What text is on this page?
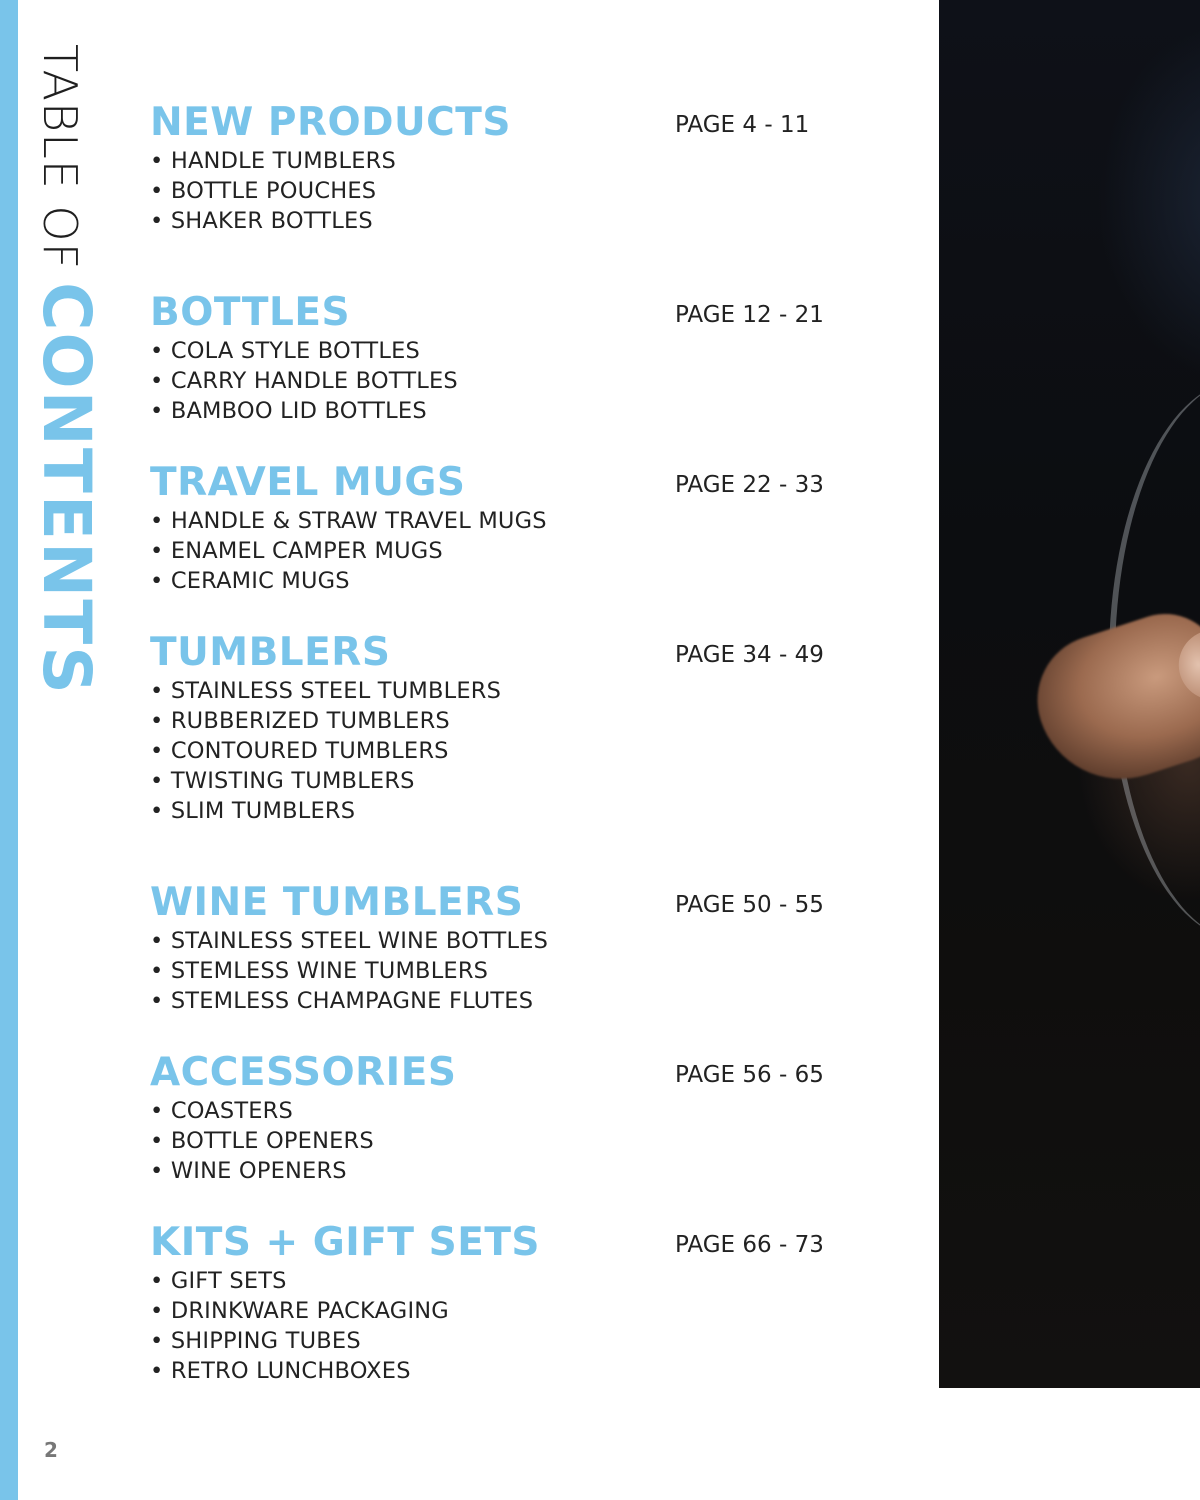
TABLE OFCONTENTS
NEW PRODUCTS	PAGE 4 - 11
• HANDLE TUMBLERS
• BOTTLE POUCHES
• SHAKER BOTTLES
BOTTLES	PAGE 12 - 21
• COLA STYLE BOTTLES
• CARRY HANDLE BOTTLES
• BAMBOO LID BOTTLES
TRAVEL MUGS	PAGE 22 - 33
• HANDLE & STRAW TRAVEL MUGS
• ENAMEL CAMPER MUGS
• CERAMIC MUGS
TUMBLERS	PAGE 34 - 49
• STAINLESS STEEL TUMBLERS
• RUBBERIZED TUMBLERS
• CONTOURED TUMBLERS
• TWISTING TUMBLERS
• SLIM TUMBLERS
WINE TUMBLERS	PAGE 50 - 55
• STAINLESS STEEL WINE BOTTLES
• STEMLESS WINE TUMBLERS
• STEMLESS CHAMPAGNE FLUTES
ACCESSORIES	PAGE 56 - 65
• COASTERS
• BOTTLE OPENERS
• WINE OPENERS
KITS + GIFT SETS	PAGE 66 - 73
• GIFT SETS
• DRINKWARE PACKAGING
• SHIPPING TUBES
• RETRO LUNCHBOXES
2
